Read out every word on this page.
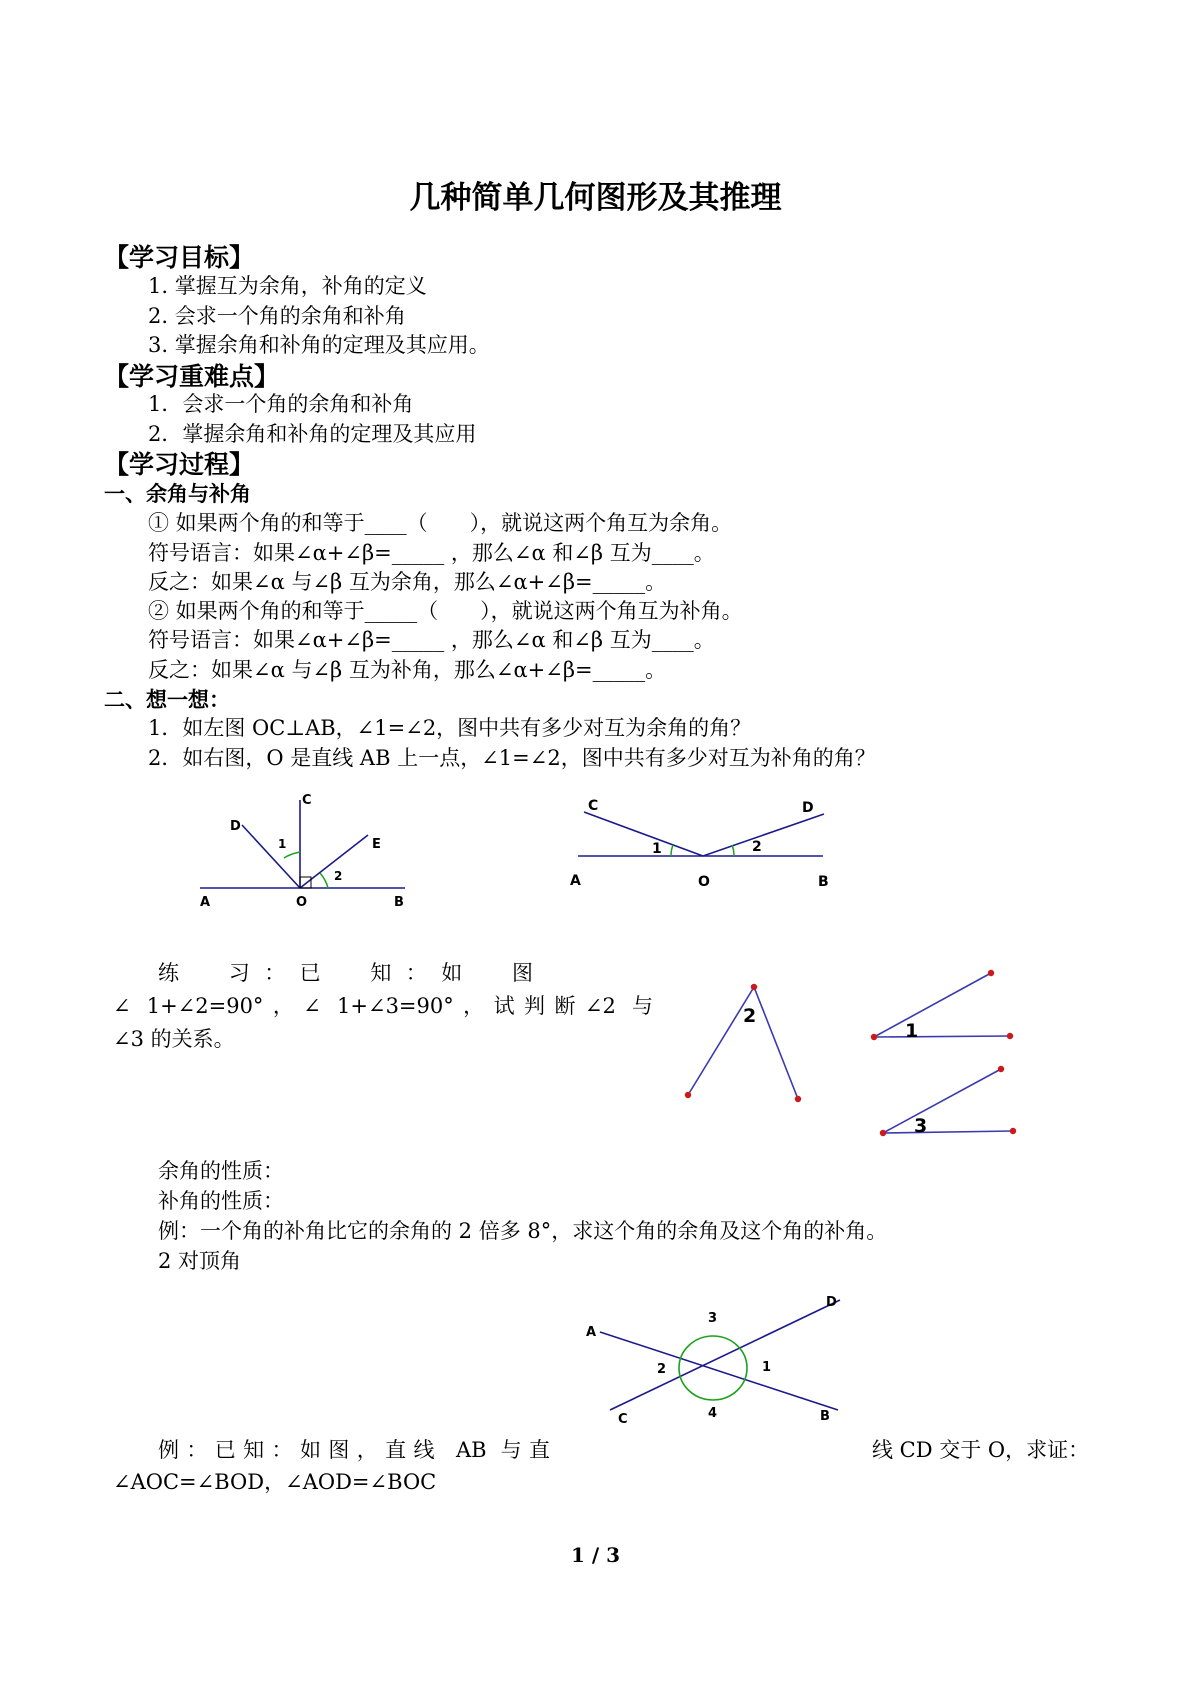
几种简单几何图形及其推理
【学习目标】
1. 掌握互为余角，补角的定义
2. 会求一个角的余角和补角
3. 掌握余角和补角的定理及其应用。
【学习重难点】
1．会求一个角的余角和补角
2．掌握余角和补角的定理及其应用
【学习过程】
一、余角与补角
① 如果两个角的和等于____（　　），就说这两个角互为余角。
符号语言：如果∠α+∠β=_____ ，那么∠α 和∠β 互为____。
反之：如果∠α 与∠β 互为余角，那么∠α+∠β=_____。
② 如果两个角的和等于_____（　　），就说这两个角互为补角。
符号语言：如果∠α+∠β=_____ ，那么∠α 和∠β 互为____。
反之：如果∠α 与∠β 互为补角，那么∠α+∠β=_____。
二、想一想：
1．如左图 OC⊥AB，∠1=∠2，图中共有多少对互为余角的角？
2．如右图，O 是直线 AB 上一点，∠1=∠2，图中共有多少对互为补角的角？
C
D
E
1
2
A	O	B
C	D
1	2
A	O	B
练　习：已　知：如　图
∠ 1+∠2=90°，∠ 1+∠3=90°，试判断∠2 与
∠3 的关系。
2
1
3
余角的性质：
补角的性质：
例：一个角的补角比它的余角的 2 倍多 8°，求这个角的余角及这个角的补角。
2 对顶角
A
D
3
2	1
4
C	B
例：已知：如图，直线 AB 与直	线 CD 交于 O，求证：
∠AOC=∠BOD，∠AOD=∠BOC
1 / 3
